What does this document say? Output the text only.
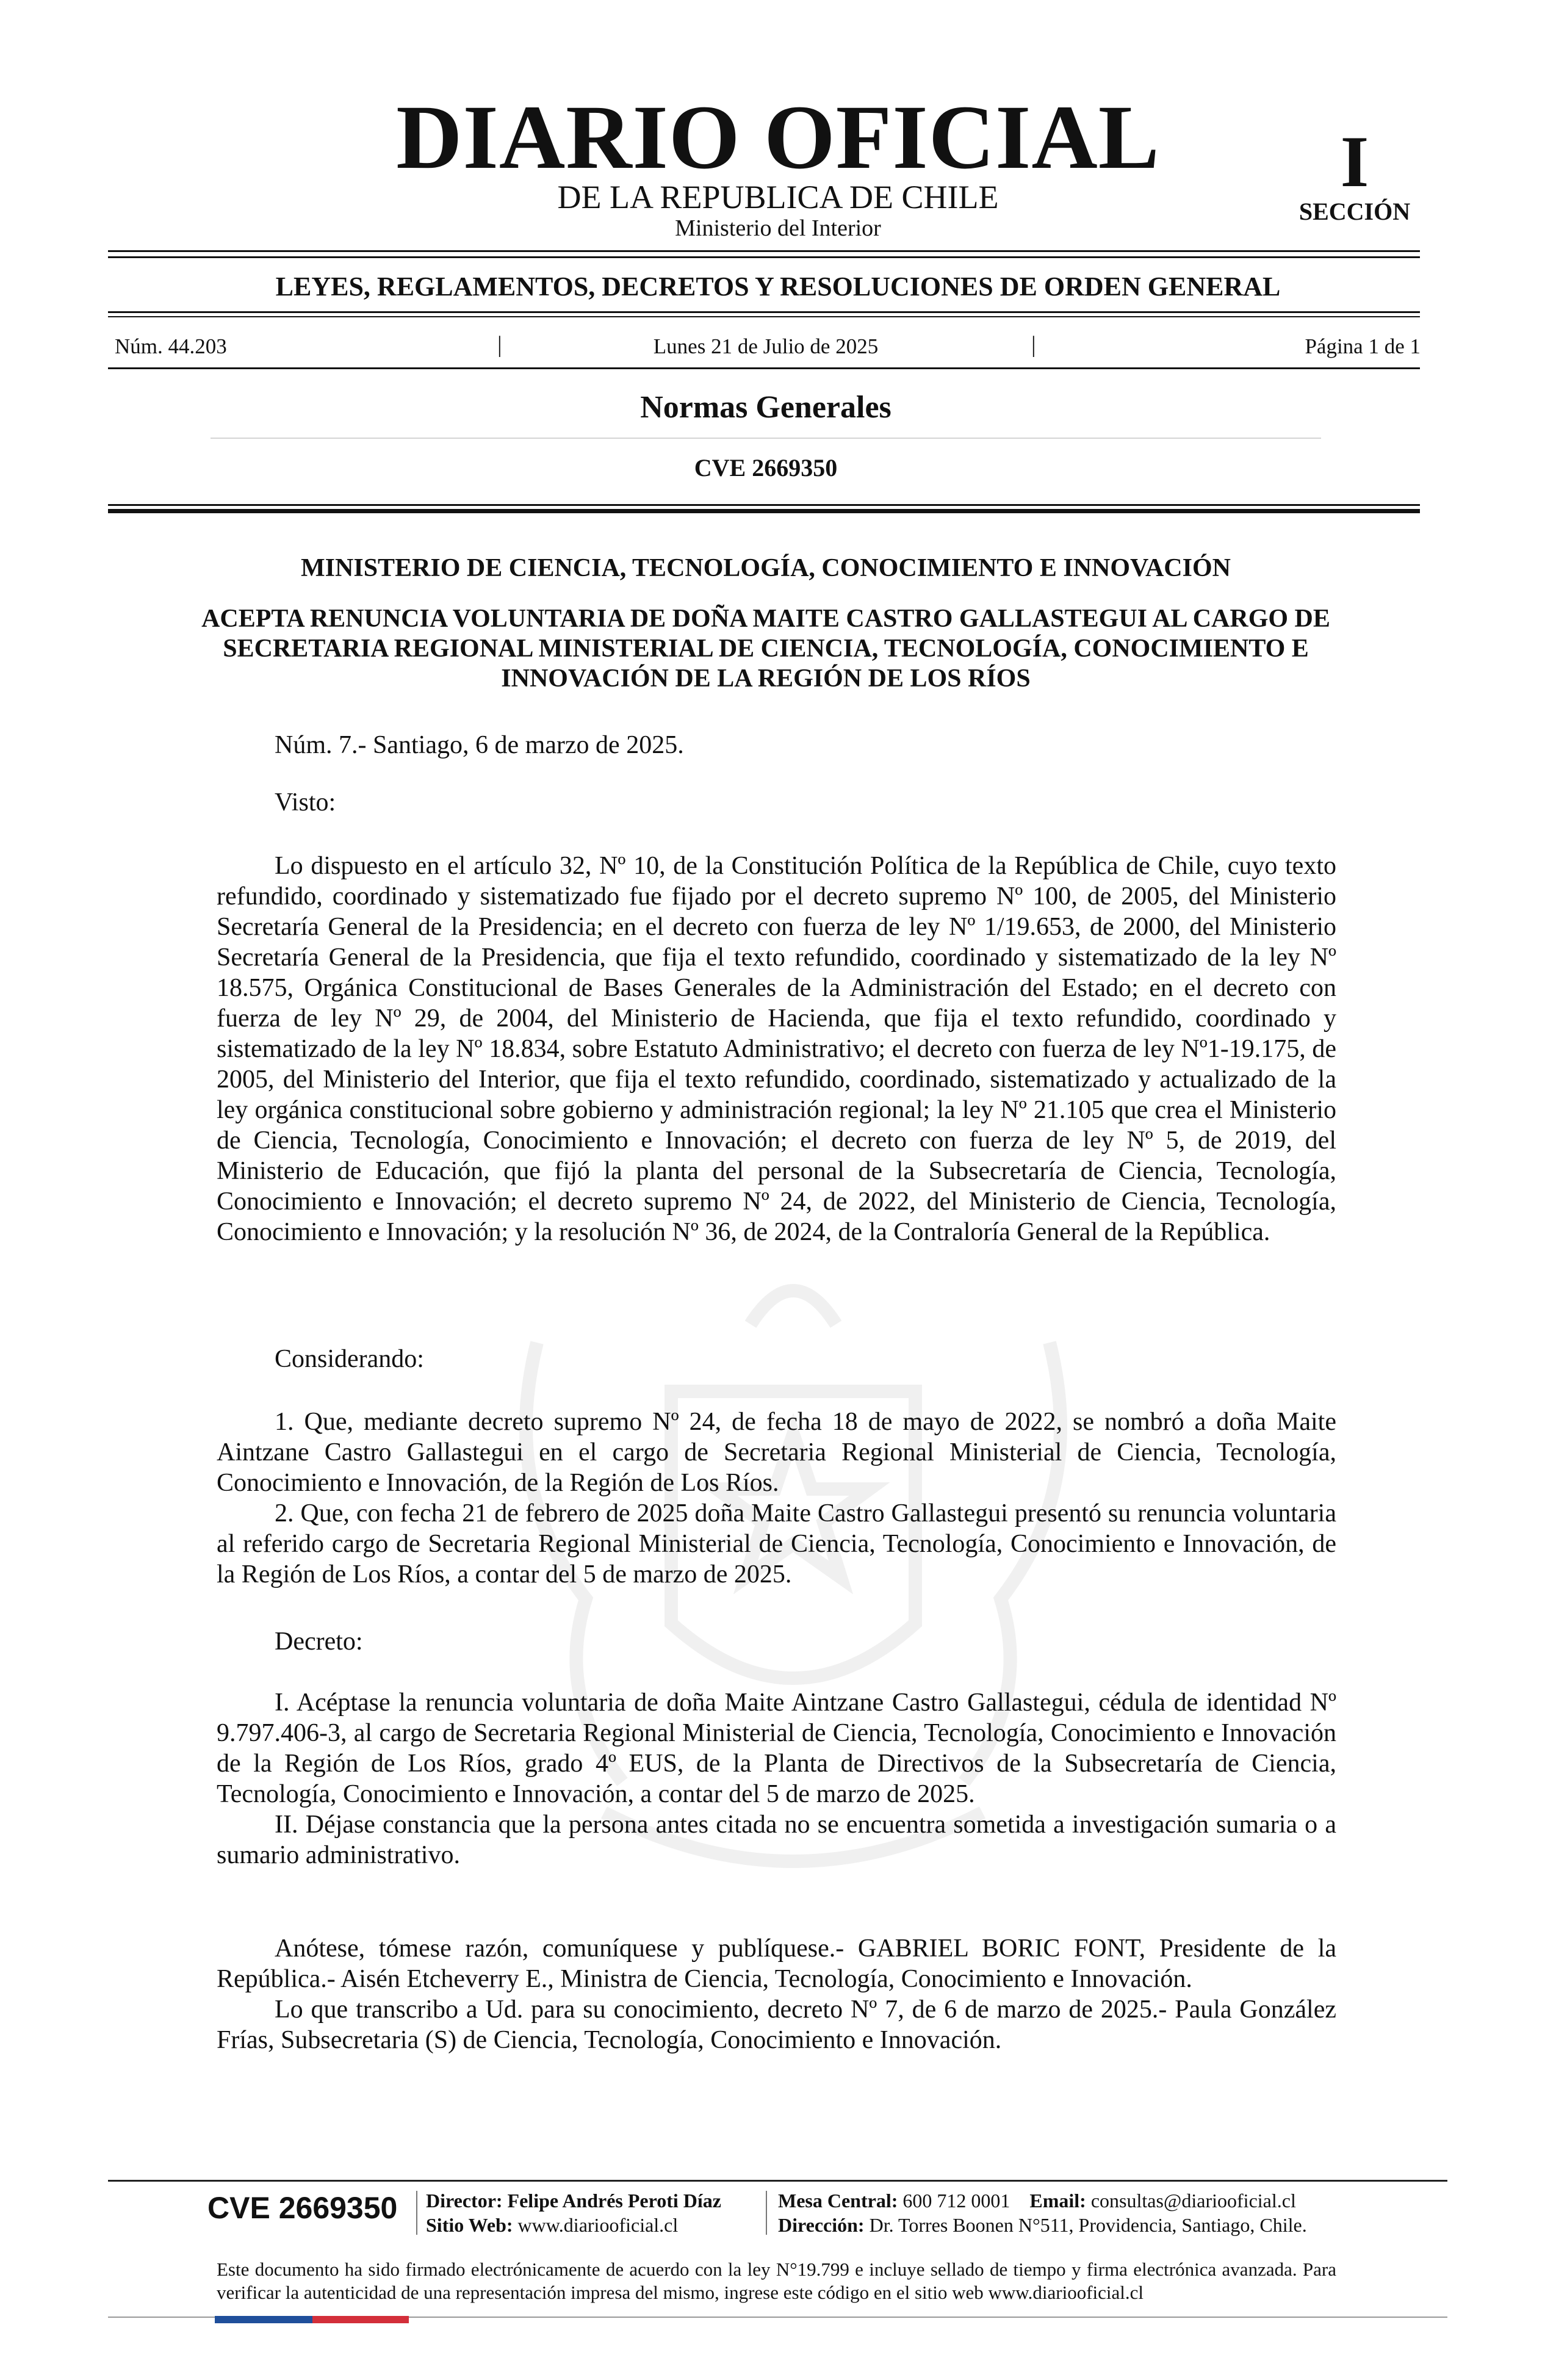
DIARIO OFICIAL
DE LA REPUBLICA DE CHILE
Ministerio del Interior
I
SECCIÓN
LEYES, REGLAMENTOS, DECRETOS Y RESOLUCIONES DE ORDEN GENERAL
Núm. 44.203	|	Lunes 21 de Julio de 2025	|	Página 1 de 1
Normas Generales
CVE 2669350
MINISTERIO DE CIENCIA, TECNOLOGÍA, CONOCIMIENTO E INNOVACIÓN
ACEPTA RENUNCIA VOLUNTARIA DE DOÑA MAITE CASTRO GALLASTEGUI AL CARGO DE SECRETARIA REGIONAL MINISTERIAL DE CIENCIA, TECNOLOGÍA, CONOCIMIENTO E INNOVACIÓN DE LA REGIÓN DE LOS RÍOS
Núm. 7.- Santiago, 6 de marzo de 2025.
Visto:

Lo dispuesto en el artículo 32, Nº 10, de la Constitución Política de la República de Chile, cuyo texto refundido, coordinado y sistematizado fue fijado por el decreto supremo Nº 100, de 2005, del Ministerio Secretaría General de la Presidencia; en el decreto con fuerza de ley Nº 1/19.653, de 2000, del Ministerio Secretaría General de la Presidencia, que fija el texto refundido, coordinado y sistematizado de la ley Nº 18.575, Orgánica Constitucional de Bases Generales de la Administración del Estado; en el decreto con fuerza de ley Nº 29, de 2004, del Ministerio de Hacienda, que fija el texto refundido, coordinado y sistematizado de la ley Nº 18.834, sobre Estatuto Administrativo; el decreto con fuerza de ley Nº1-19.175, de 2005, del Ministerio del Interior, que fija el texto refundido, coordinado, sistematizado y actualizado de la ley orgánica constitucional sobre gobierno y administración regional; la ley Nº 21.105 que crea el Ministerio de Ciencia, Tecnología, Conocimiento e Innovación; el decreto con fuerza de ley Nº 5, de 2019, del Ministerio de Educación, que fijó la planta del personal de la Subsecretaría de Ciencia, Tecnología, Conocimiento e Innovación; el decreto supremo Nº 24, de 2022, del Ministerio de Ciencia, Tecnología, Conocimiento e Innovación; y la resolución Nº 36, de 2024, de la Contraloría General de la República.

Considerando:

1. Que, mediante decreto supremo Nº 24, de fecha 18 de mayo de 2022, se nombró a doña Maite Aintzane Castro Gallastegui en el cargo de Secretaria Regional Ministerial de Ciencia, Tecnología, Conocimiento e Innovación, de la Región de Los Ríos.

2. Que, con fecha 21 de febrero de 2025 doña Maite Castro Gallastegui presentó su renuncia voluntaria al referido cargo de Secretaria Regional Ministerial de Ciencia, Tecnología, Conocimiento e Innovación, de la Región de Los Ríos, a contar del 5 de marzo de 2025.

Decreto:

I. Acéptase la renuncia voluntaria de doña Maite Aintzane Castro Gallastegui, cédula de identidad Nº 9.797.406-3, al cargo de Secretaria Regional Ministerial de Ciencia, Tecnología, Conocimiento e Innovación de la Región de Los Ríos, grado 4º EUS, de la Planta de Directivos de la Subsecretaría de Ciencia, Tecnología, Conocimiento e Innovación, a contar del 5 de marzo de 2025.

II. Déjase constancia que la persona antes citada no se encuentra sometida a investigación sumaria o a sumario administrativo.

Anótese, tómese razón, comuníquese y publíquese.- GABRIEL BORIC FONT, Presidente de la República.- Aisén Etcheverry E., Ministra de Ciencia, Tecnología, Conocimiento e Innovación.

Lo que transcribo a Ud. para su conocimiento, decreto Nº 7, de 6 de marzo de 2025.- Paula González Frías, Subsecretaria (S) de Ciencia, Tecnología, Conocimiento e Innovación.

CVE 2669350 Director: Felipe Andrés Peroti Díaz
Sitio Web: www.diariooficial.cl
Mesa Central: 600 712 0001 Email: consultas@diariooficial.cl
Dirección: Dr. Torres Boonen N°511, Providencia, Santiago, Chile.
Este documento ha sido firmado electrónicamente de acuerdo con la ley N°19.799 e incluye sellado de tiempo y firma electrónica avanzada. Para verificar la autenticidad de una representación impresa del mismo, ingrese este código en el sitio web www.diariooficial.cl
